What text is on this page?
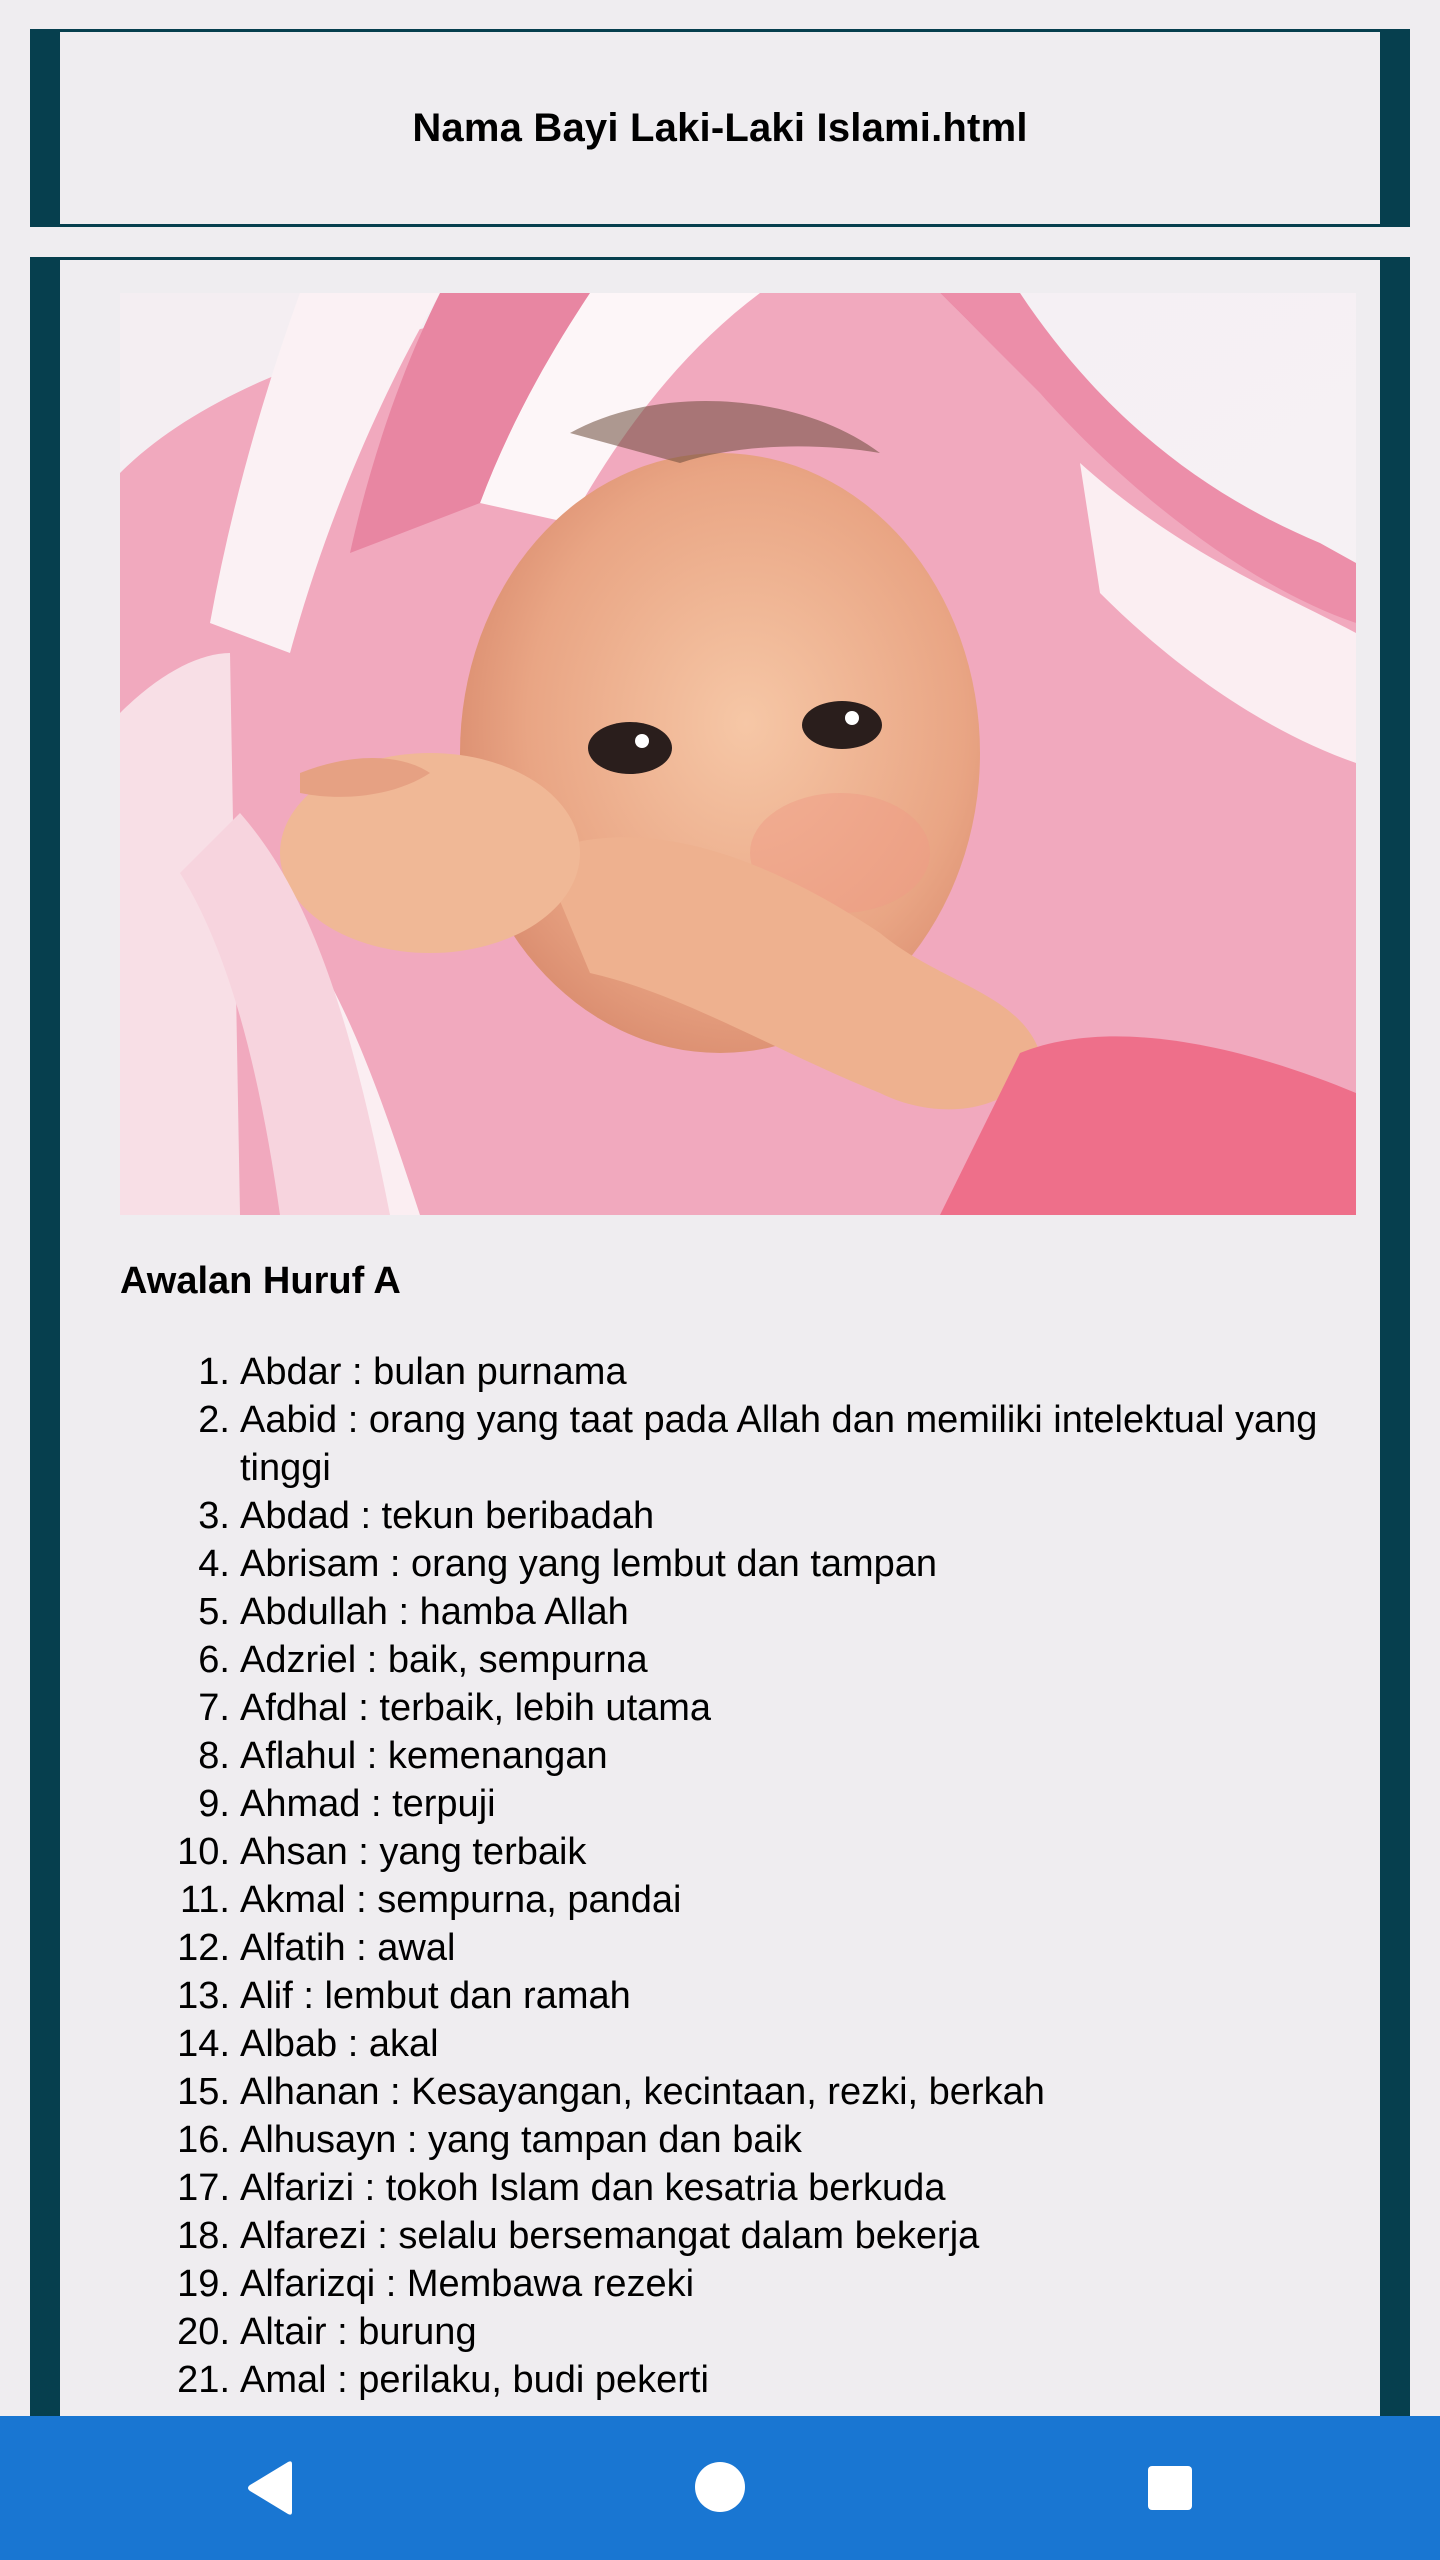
Nama Bayi Laki-Laki Islami.html
Awalan Huruf A
1. Abdar : bulan purnama
2. Aabid : orang yang taat pada Allah dan memiliki intelektual yang tinggi
3. Abdad : tekun beribadah
4. Abrisam : orang yang lembut dan tampan
5. Abdullah : hamba Allah
6. Adzriel : baik, sempurna
7. Afdhal : terbaik, lebih utama
8. Aflahul : kemenangan
9. Ahmad : terpuji
10. Ahsan : yang terbaik
11. Akmal : sempurna, pandai
12. Alfatih : awal
13. Alif : lembut dan ramah
14. Albab : akal
15. Alhanan : Kesayangan, kecintaan, rezki, berkah
16. Alhusayn : yang tampan dan baik
17. Alfarizi : tokoh Islam dan kesatria berkuda
18. Alfarezi : selalu bersemangat dalam bekerja
19. Alfarizqi : Membawa rezeki
20. Altair : burung
21. Amal : perilaku, budi pekerti
